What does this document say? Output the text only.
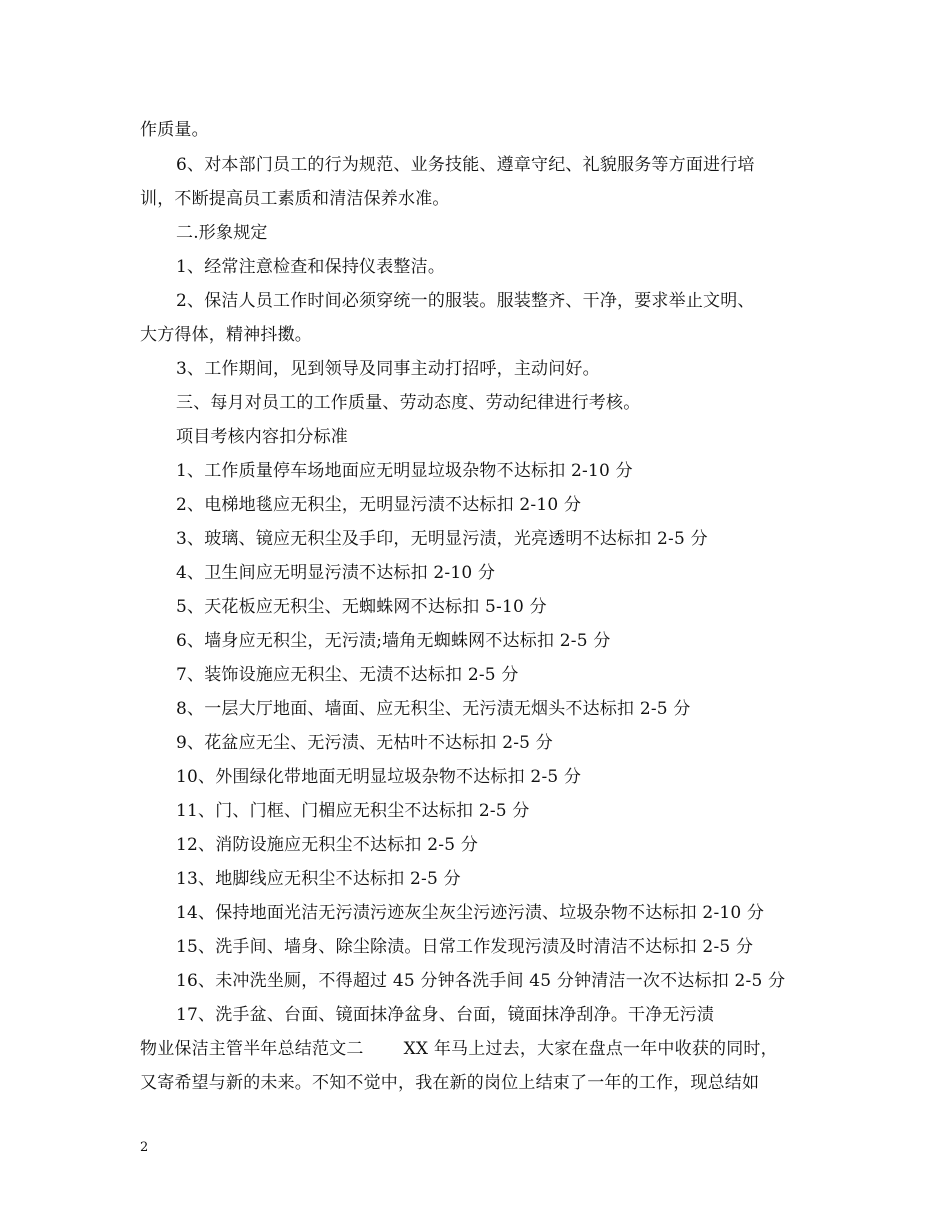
作质量。
6、对本部门员工的行为规范、业务技能、遵章守纪、礼貌服务等方面进行培
训，不断提高员工素质和清洁保养水准。
二.形象规定
1、经常注意检查和保持仪表整洁。
2、保洁人员工作时间必须穿统一的服装。服装整齐、干净，要求举止文明、
大方得体，精神抖擞。
3、工作期间，见到领导及同事主动打招呼，主动问好。
三、每月对员工的工作质量、劳动态度、劳动纪律进行考核。
项目考核内容扣分标准
1、工作质量停车场地面应无明显垃圾杂物不达标扣 2-10 分
2、电梯地毯应无积尘，无明显污渍不达标扣 2-10 分
3、玻璃、镜应无积尘及手印，无明显污渍，光亮透明不达标扣 2-5 分
4、卫生间应无明显污渍不达标扣 2-10 分
5、天花板应无积尘、无蜘蛛网不达标扣 5-10 分
6、墙身应无积尘，无污渍;墙角无蜘蛛网不达标扣 2-5 分
7、装饰设施应无积尘、无渍不达标扣 2-5 分
8、一层大厅地面、墙面、应无积尘、无污渍无烟头不达标扣 2-5 分
9、花盆应无尘、无污渍、无枯叶不达标扣 2-5 分
10、外围绿化带地面无明显垃圾杂物不达标扣 2-5 分
11、门、门框、门楣应无积尘不达标扣 2-5 分
12、消防设施应无积尘不达标扣 2-5 分
13、地脚线应无积尘不达标扣 2-5 分
14、保持地面光洁无污渍污迹灰尘灰尘污迹污渍、垃圾杂物不达标扣 2-10 分
15、洗手间、墙身、除尘除渍。日常工作发现污渍及时清洁不达标扣 2-5 分
16、未冲洗坐厕，不得超过 45 分钟各洗手间 45 分钟清洁一次不达标扣 2-5 分
17、洗手盆、台面、镜面抹净盆身、台面，镜面抹净刮净。干净无污渍
物业保洁主管半年总结范文二 XX 年马上过去，大家在盘点一年中收获的同时，
又寄希望与新的未来。不知不觉中，我在新的岗位上结束了一年的工作，现总结如
2
